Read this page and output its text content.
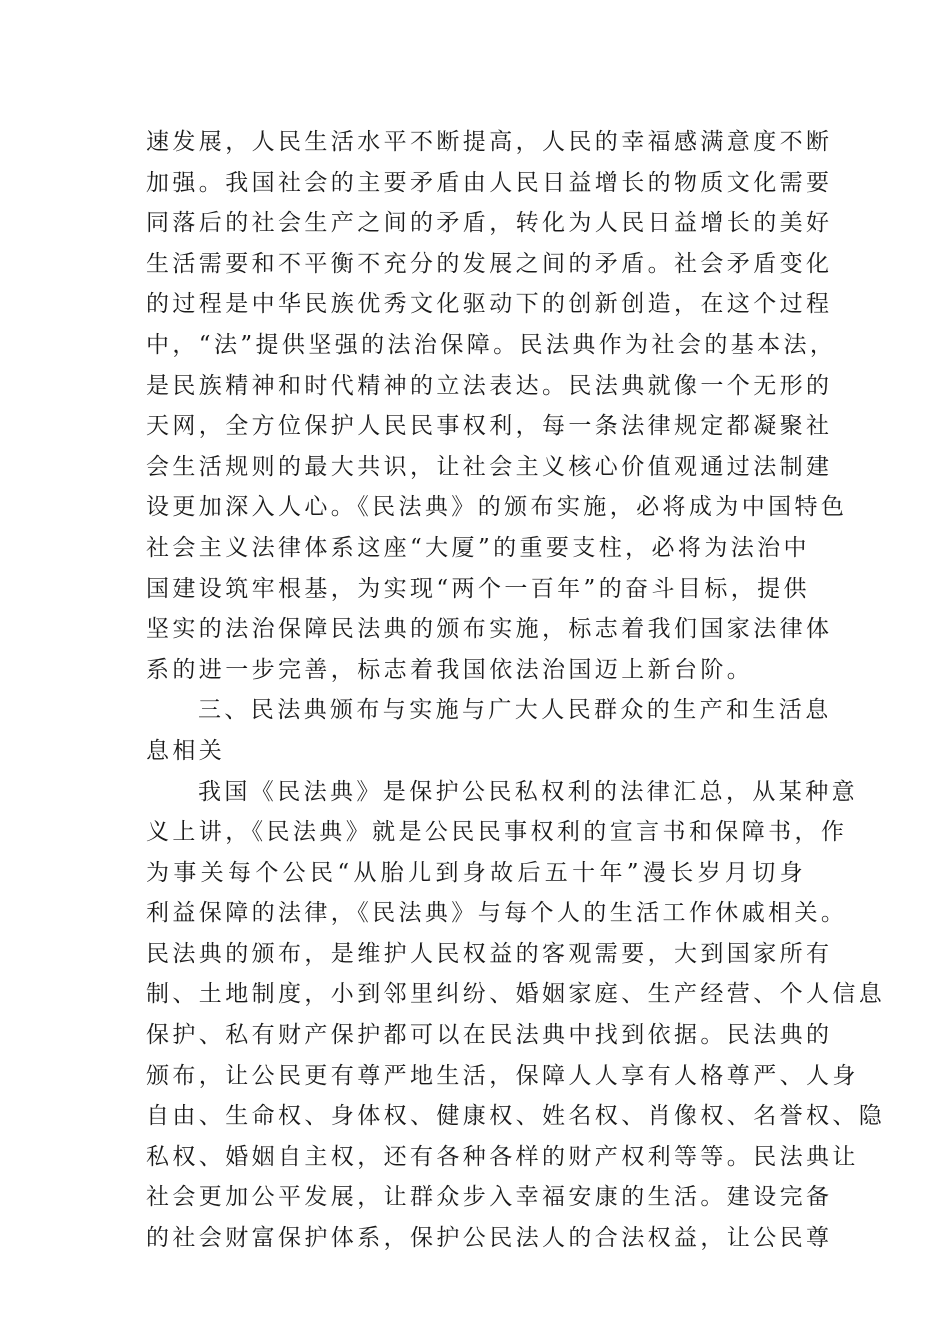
速发展，人民生活水平不断提高，人民的幸福感满意度不断
加强。我国社会的主要矛盾由人民日益增长的物质文化需要
同落后的社会生产之间的矛盾，转化为人民日益增长的美好
生活需要和不平衡不充分的发展之间的矛盾。社会矛盾变化
的过程是中华民族优秀文化驱动下的创新创造，在这个过程
中，“法”提供坚强的法治保障。民法典作为社会的基本法，
是民族精神和时代精神的立法表达。民法典就像一个无形的
天网，全方位保护人民民事权利，每一条法律规定都凝聚社
会生活规则的最大共识，让社会主义核心价值观通过法制建
设更加深入人心。《民法典》的颁布实施，必将成为中国特色
社会主义法律体系这座“大厦”的重要支柱，必将为法治中
国建设筑牢根基，为实现“两个一百年”的奋斗目标，提供
坚实的法治保障民法典的颁布实施，标志着我们国家法律体
系的进一步完善，标志着我国依法治国迈上新台阶。
三、民法典颁布与实施与广大人民群众的生产和生活息
息相关
我国《民法典》是保护公民私权利的法律汇总，从某种意
义上讲，《民法典》就是公民民事权利的宣言书和保障书，作
为事关每个公民“从胎儿到身故后五十年”漫长岁月切身
利益保障的法律，《民法典》与每个人的生活工作休戚相关。
民法典的颁布，是维护人民权益的客观需要，大到国家所有
制、土地制度，小到邻里纠纷、婚姻家庭、生产经营、个人信息
保护、私有财产保护都可以在民法典中找到依据。民法典的
颁布，让公民更有尊严地生活，保障人人享有人格尊严、人身
自由、生命权、身体权、健康权、姓名权、肖像权、名誉权、隐
私权、婚姻自主权，还有各种各样的财产权利等等。民法典让
社会更加公平发展，让群众步入幸福安康的生活。建设完备
的社会财富保护体系，保护公民法人的合法权益，让公民尊
